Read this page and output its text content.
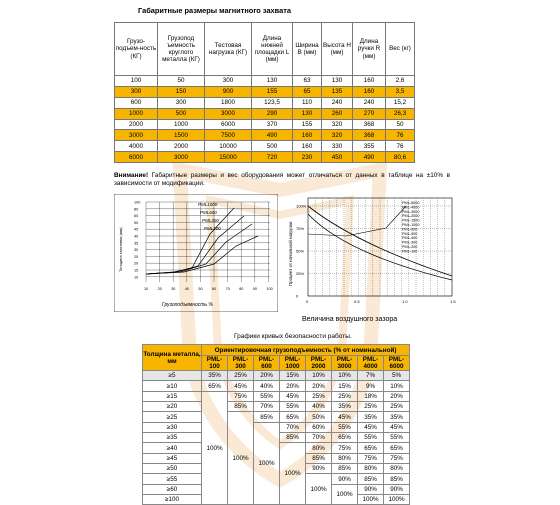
Габаритные размеры магнитного захвата
Грузо-подъем-ность (КГ)	Грузопод ъемность круглого металла (КГ)	Тестовая нагрузка (КГ)	Длина нижней площадки L (мм)	Ширина B (мм)	Высота H (мм)	Длина ручки R (мм)	Вес (кг)
100	50	300	130	63	130	160	2,6
300	150	900	155	65	135	160	3,5
600	300	1800	123,5	110	240	240	15,2
1000	500	3000	290	130	260	270	26,3
2000	1000	6000	370	155	320	368	50
3000	1500	7500	490	160	320	368	76
4000	2000	10000	500	160	330	355	76
6000	3000	15000	720	230	450	490	80,6
Внимание! Габаритные размеры и вес оборудования может отличаться от данных в таблице на ±10% в зависимости от модификации.
Толщина заготовки (мм)
100
80
60
50
45
40
35
30
25
20
15
10
10 20 30 40 50 60 70 80 90 100
PML1000
PML600
PML300
PML100
Грузоподъемность %
Процент от начальной нагрузки
100%
75%
50%
25%
0
0	0.5	1.0	1.5
PML-6000
PML-4000
PML-3000
PML-2000
PML-1500
PML-1000
PML-600
PML-500
PML-400
PML-300
PML-200
PML-100
Величина воздушного зазора
Графики кривых безопасности работы.
Толщина металла, мм	Ориентировочная грузоподъемность (% от номинальной)							
	PML-100	PML-300	PML-600	PML-1000	PML-2000	PML-3000	PML-4000	PML-6000
≥5	35%	25%	20%	15%	10%	10%	7%	5%
≥10	65%	45%	40%	20%	20%	15%	9%	10%
≥15	100%	75%	55%	45%	25%	25%	18%	20%
≥20		85%	70%	55%	40%	35%	25%	25%
≥25		100%	85%	65%	50%	45%	35%	35%
≥30			100%	70%	60%	55%	45%	45%
≥35				85%	70%	65%	55%	55%
≥40				100%	80%	75%	65%	65%
≥45					85%	80%	75%	75%
≥50					90%	85%	80%	80%
≥55					100%	90%	85%	85%
≥60						100%	90%	90%
≥100							100%	100%
